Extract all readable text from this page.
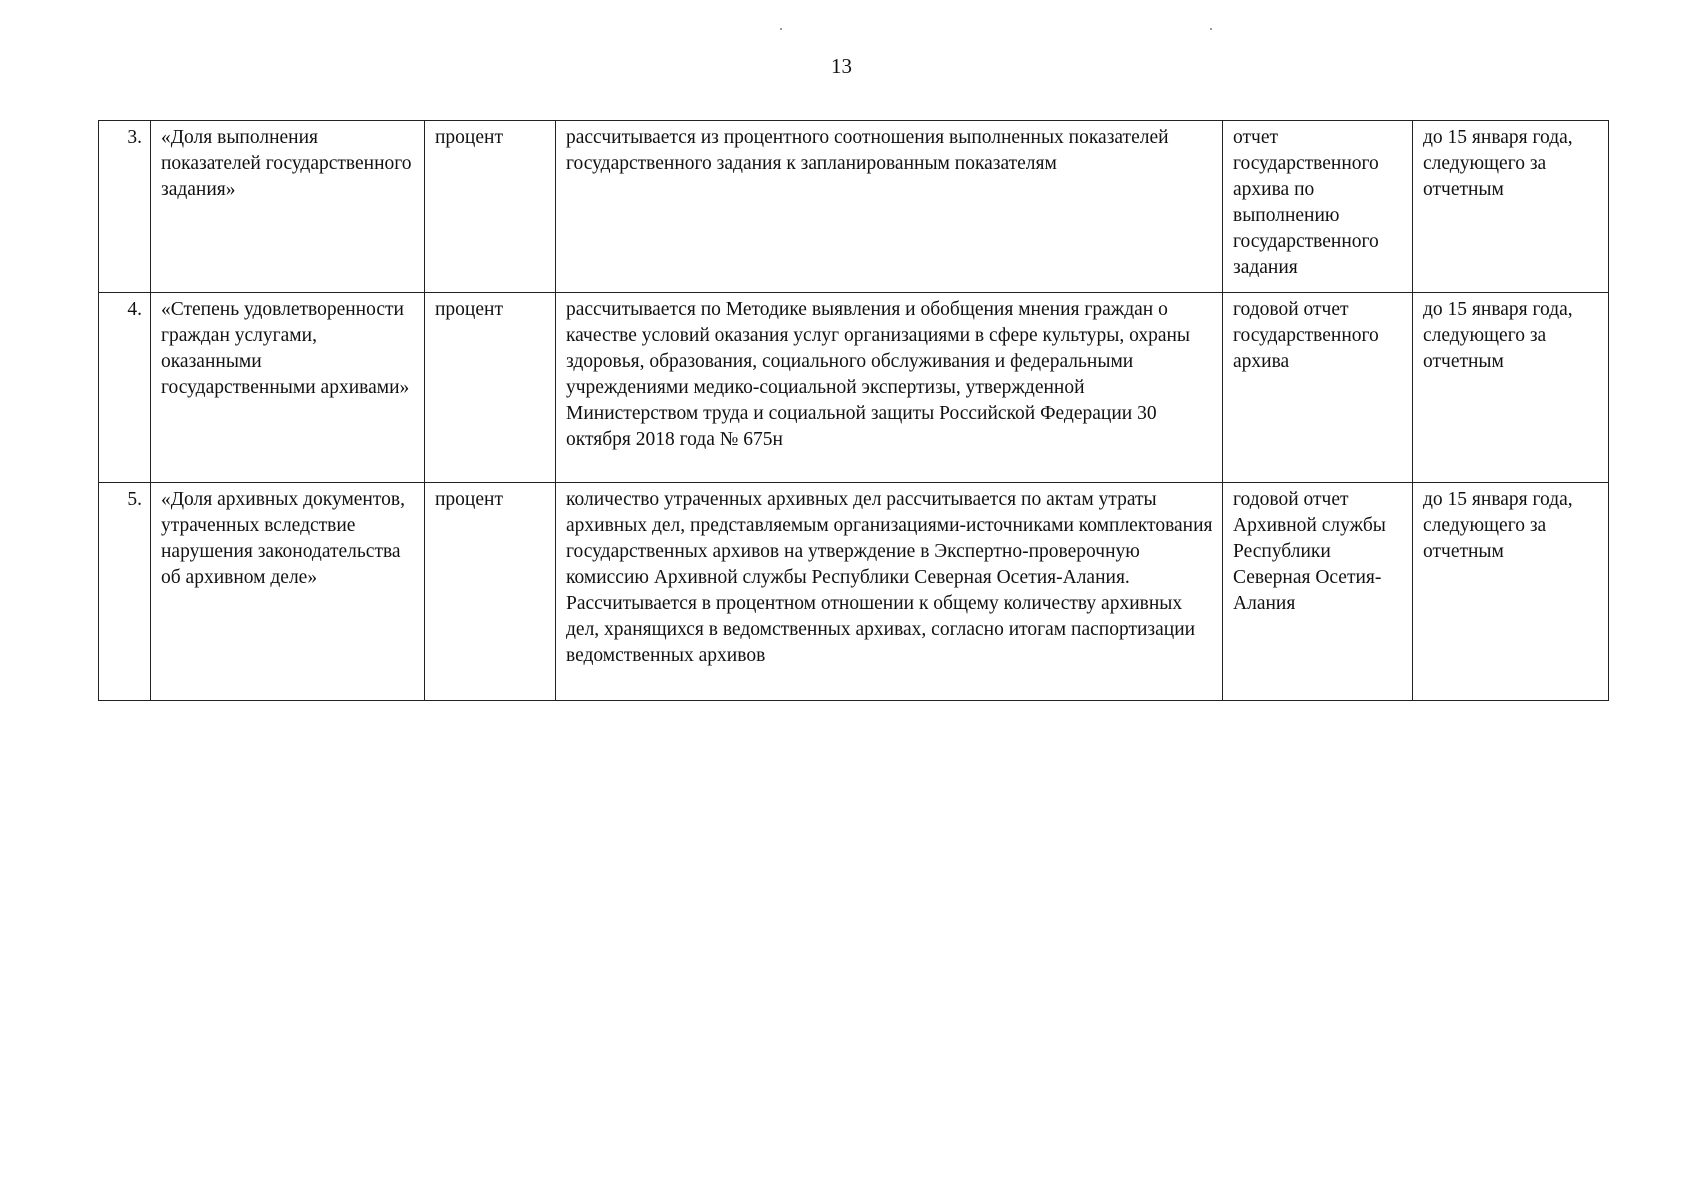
13
3.	«Доля выполнения показателей государственного задания»	процент	рассчитывается из процентного соотношения выполненных показателей государственного задания к запланированным показателям	отчет государственного архива по выполнению государственного задания	до 15 января года, следующего за отчетным
4.	«Степень удовлетворенности граждан услугами, оказанными государственными архивами»	процент	рассчитывается по Методике выявления и обобщения мнения граждан о качестве условий оказания услуг организациями в сфере культуры, охраны здоровья, образования, социального обслуживания и федеральными учреждениями медико-социальной экспертизы, утвержденной Министерством труда и социальной защиты Российской Федерации 30 октября 2018 года № 675н	годовой отчет государственного архива	до 15 января года, следующего за отчетным
5.	«Доля архивных документов, утраченных вследствие нарушения законодательства об архивном деле»	процент	количество утраченных архивных дел рассчитывается по актам утраты архивных дел, представляемым организациями-источниками комплектования государственных архивов на утверждение в Экспертно-проверочную комиссию Архивной службы Республики Северная Осетия-Алания. Рассчитывается в процентном отношении к общему количеству архивных дел, хранящихся в ведомственных архивах, согласно итогам паспортизации ведомственных архивов	годовой отчет Архивной службы Республики Северная Осетия-Алания	до 15 января года, следующего за отчетным
